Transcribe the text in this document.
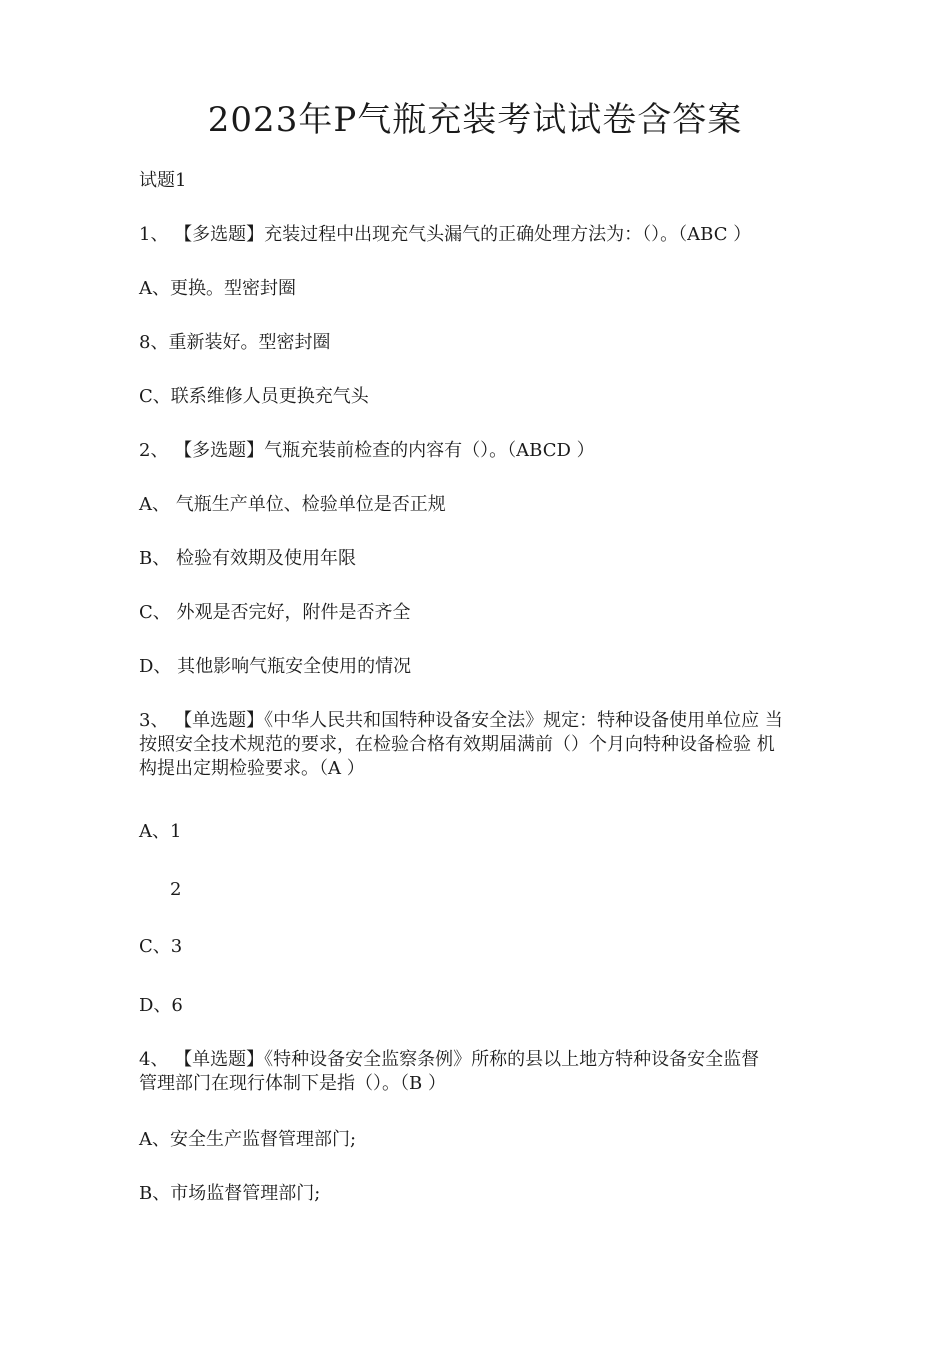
2023年P气瓶充装考试试卷含答案
试题1
1、 【多选题】充装过程中出现充气头漏气的正确处理方法为：（）。（ABC ）
A、更换。型密封圈
8、重新装好。型密封圈
C、联系维修人员更换充气头
2、 【多选题】气瓶充装前检查的内容有（）。（ABCD ）
A、 气瓶生产单位、检验单位是否正规
B、 检验有效期及使用年限
C、 外观是否完好，附件是否齐全
D、 其他影响气瓶安全使用的情况
3、 【单选题】《中华人民共和国特种设备安全法》规定：特种设备使用单位应 当
按照安全技术规范的要求，在检验合格有效期届满前（）个月向特种设备检验 机
构提出定期检验要求。（A ）
A、1
2
C、3
D、6
4、 【单选题】《特种设备安全监察条例》所称的县以上地方特种设备安全监督
管理部门在现行体制下是指（）。（B ）
A、安全生产监督管理部门;
B、市场监督管理部门;
